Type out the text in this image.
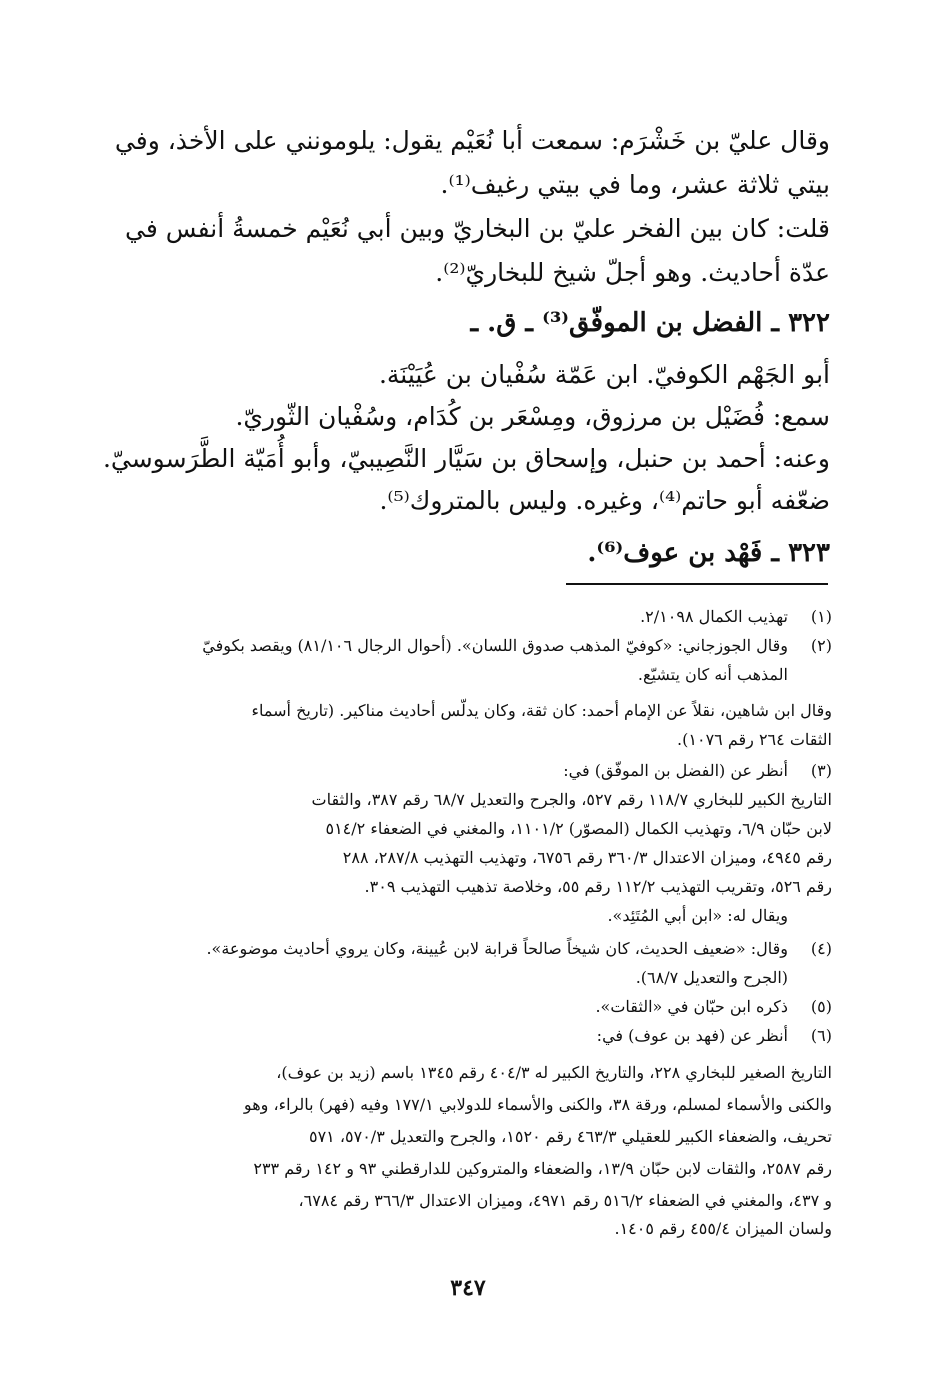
وقال عليّ بن خَشْرَم: سمعت أبا نُعَيْم يقول: يلومونني على الأخذ، وفي
بيتي ثلاثة عشر، وما في بيتي رغيف⁽¹⁾.
قلت: كان بين الفخر عليّ بن البخاريّ وبين أبي نُعَيْم خمسةُ أنفس في
عدّة أحاديث. وهو أجلّ شيخ للبخاريّ⁽²⁾.
٣٢٢ ـ الفضل بن الموفّق⁽³⁾ ـ ق. ـ
أبو الجَهْم الكوفيّ. ابن عَمّة سُفْيان بن عُيَيْنَة.
سمع: فُضَيْل بن مرزوق، ومِسْعَر بن كُدَام، وسُفْيان الثّوريّ.
وعنه: أحمد بن حنبل، وإسحاق بن سَيَّار النَّصِيبيّ، وأبو أُمَيّة الطَّرَسوسيّ.
ضعّفه أبو حاتم⁽⁴⁾، وغيره. وليس بالمتروك⁽⁵⁾.
٣٢٣ ـ فَهْد بن عوف⁽⁶⁾.
(١)
تهذيب الكمال ٢/١٠٩٨.
(٢)
وقال الجوزجاني: «كوفيّ المذهب صدوق اللسان». (أحوال الرجال ٨١/١٠٦) ويقصد بكوفيّ
المذهب أنه كان يتشيّع.
وقال ابن شاهين، نقلاً عن الإمام أحمد: كان ثقة، وكان يدلّس أحاديث مناكير. (تاريخ أسماء
الثقات ٢٦٤ رقم ١٠٧٦).
(٣)
أنظر عن (الفضل بن الموفّق) في:
التاريخ الكبير للبخاري ١١٨/٧ رقم ٥٢٧، والجرح والتعديل ٦٨/٧ رقم ٣٨٧، والثقات
لابن حبّان ٦/٩، وتهذيب الكمال (المصوّر) ١١٠١/٢، والمغني في الضعفاء ٥١٤/٢
رقم ٤٩٤٥، وميزان الاعتدال ٣٦٠/٣ رقم ٦٧٥٦، وتهذيب التهذيب ٢٨٧/٨، ٢٨٨
رقم ٥٢٦، وتقريب التهذيب ١١٢/٢ رقم ٥٥، وخلاصة تذهيب التهذيب ٣٠٩.
ويقال له: «ابن أبي المُتَئِد».
(٤)
وقال: «ضعيف الحديث، كان شيخاً صالحاً قرابة لابن عُيينة، وكان يروي أحاديث موضوعة».
(الجرح والتعديل ٦٨/٧).
(٥)
ذكره ابن حبّان في «الثقات».
(٦)
أنظر عن (فهد بن عوف) في:
التاريخ الصغير للبخاري ٢٢٨، والتاريخ الكبير له ٤٠٤/٣ رقم ١٣٤٥ باسم (زيد بن عوف)،
والكنى والأسماء لمسلم، ورقة ٣٨، والكنى والأسماء للدولابي ١٧٧/١ وفيه (فهر) بالراء، وهو
تحريف، والضعفاء الكبير للعقيلي ٤٦٣/٣ رقم ١٥٢٠، والجرح والتعديل ٥٧٠/٣، ٥٧١
رقم ٢٥٨٧، والثقات لابن حبّان ١٣/٩، والضعفاء والمتروكين للدارقطني ٩٣ و ١٤٢ رقم ٢٣٣
و ٤٣٧، والمغني في الضعفاء ٥١٦/٢ رقم ٤٩٧١، وميزان الاعتدال ٣٦٦/٣ رقم ٦٧٨٤،
ولسان الميزان ٤٥٥/٤ رقم ١٤٠٥.
٣٤٧
